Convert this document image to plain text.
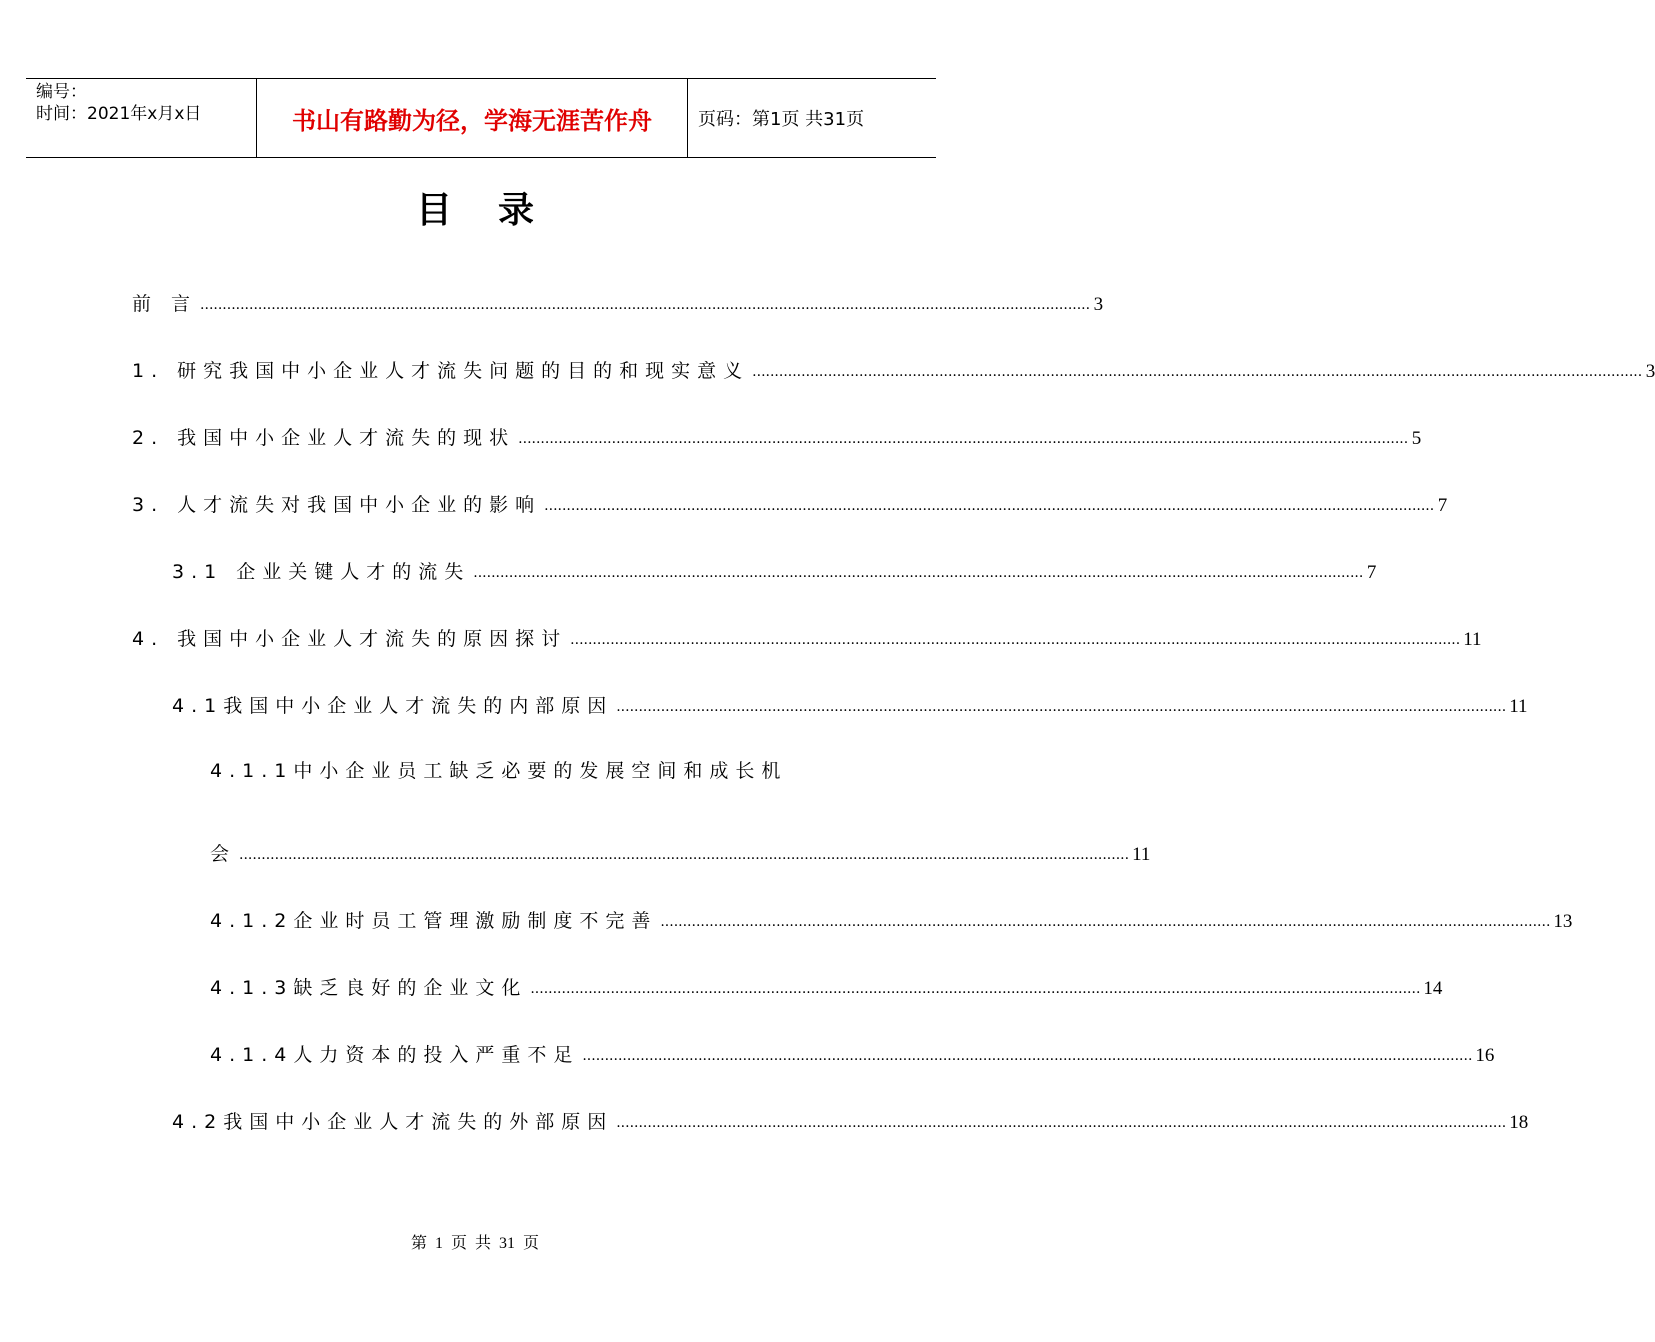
编号：
时间：2021年x月x日	书山有路勤为径，学海无涯苦作舟	页码：第1页 共31页
目录
前 言 ........................................................................................................................................................................................................ 3
1. 研究我国中小企业人才流失问题的目的和现实意义 ........................................................................................................................................................................................................ 3
2. 我国中小企业人才流失的现状 ........................................................................................................................................................................................................ 5
3. 人才流失对我国中小企业的影响 ........................................................................................................................................................................................................ 7
3.1 企业关键人才的流失 ........................................................................................................................................................................................................ 7
4. 我国中小企业人才流失的原因探讨 ........................................................................................................................................................................................................ 11
4.1我国中小企业人才流失的内部原因 ........................................................................................................................................................................................................ 11
4.1.1中小企业员工缺乏必要的发展空间和成长机
会 ........................................................................................................................................................................................................ 11
4.1.2企业时员工管理激励制度不完善 ........................................................................................................................................................................................................ 13
4.1.3缺乏良好的企业文化 ........................................................................................................................................................................................................ 14
4.1.4人力资本的投入严重不足 ........................................................................................................................................................................................................ 16
4.2我国中小企业人才流失的外部原因 ........................................................................................................................................................................................................ 18
第 1 页 共 31 页
